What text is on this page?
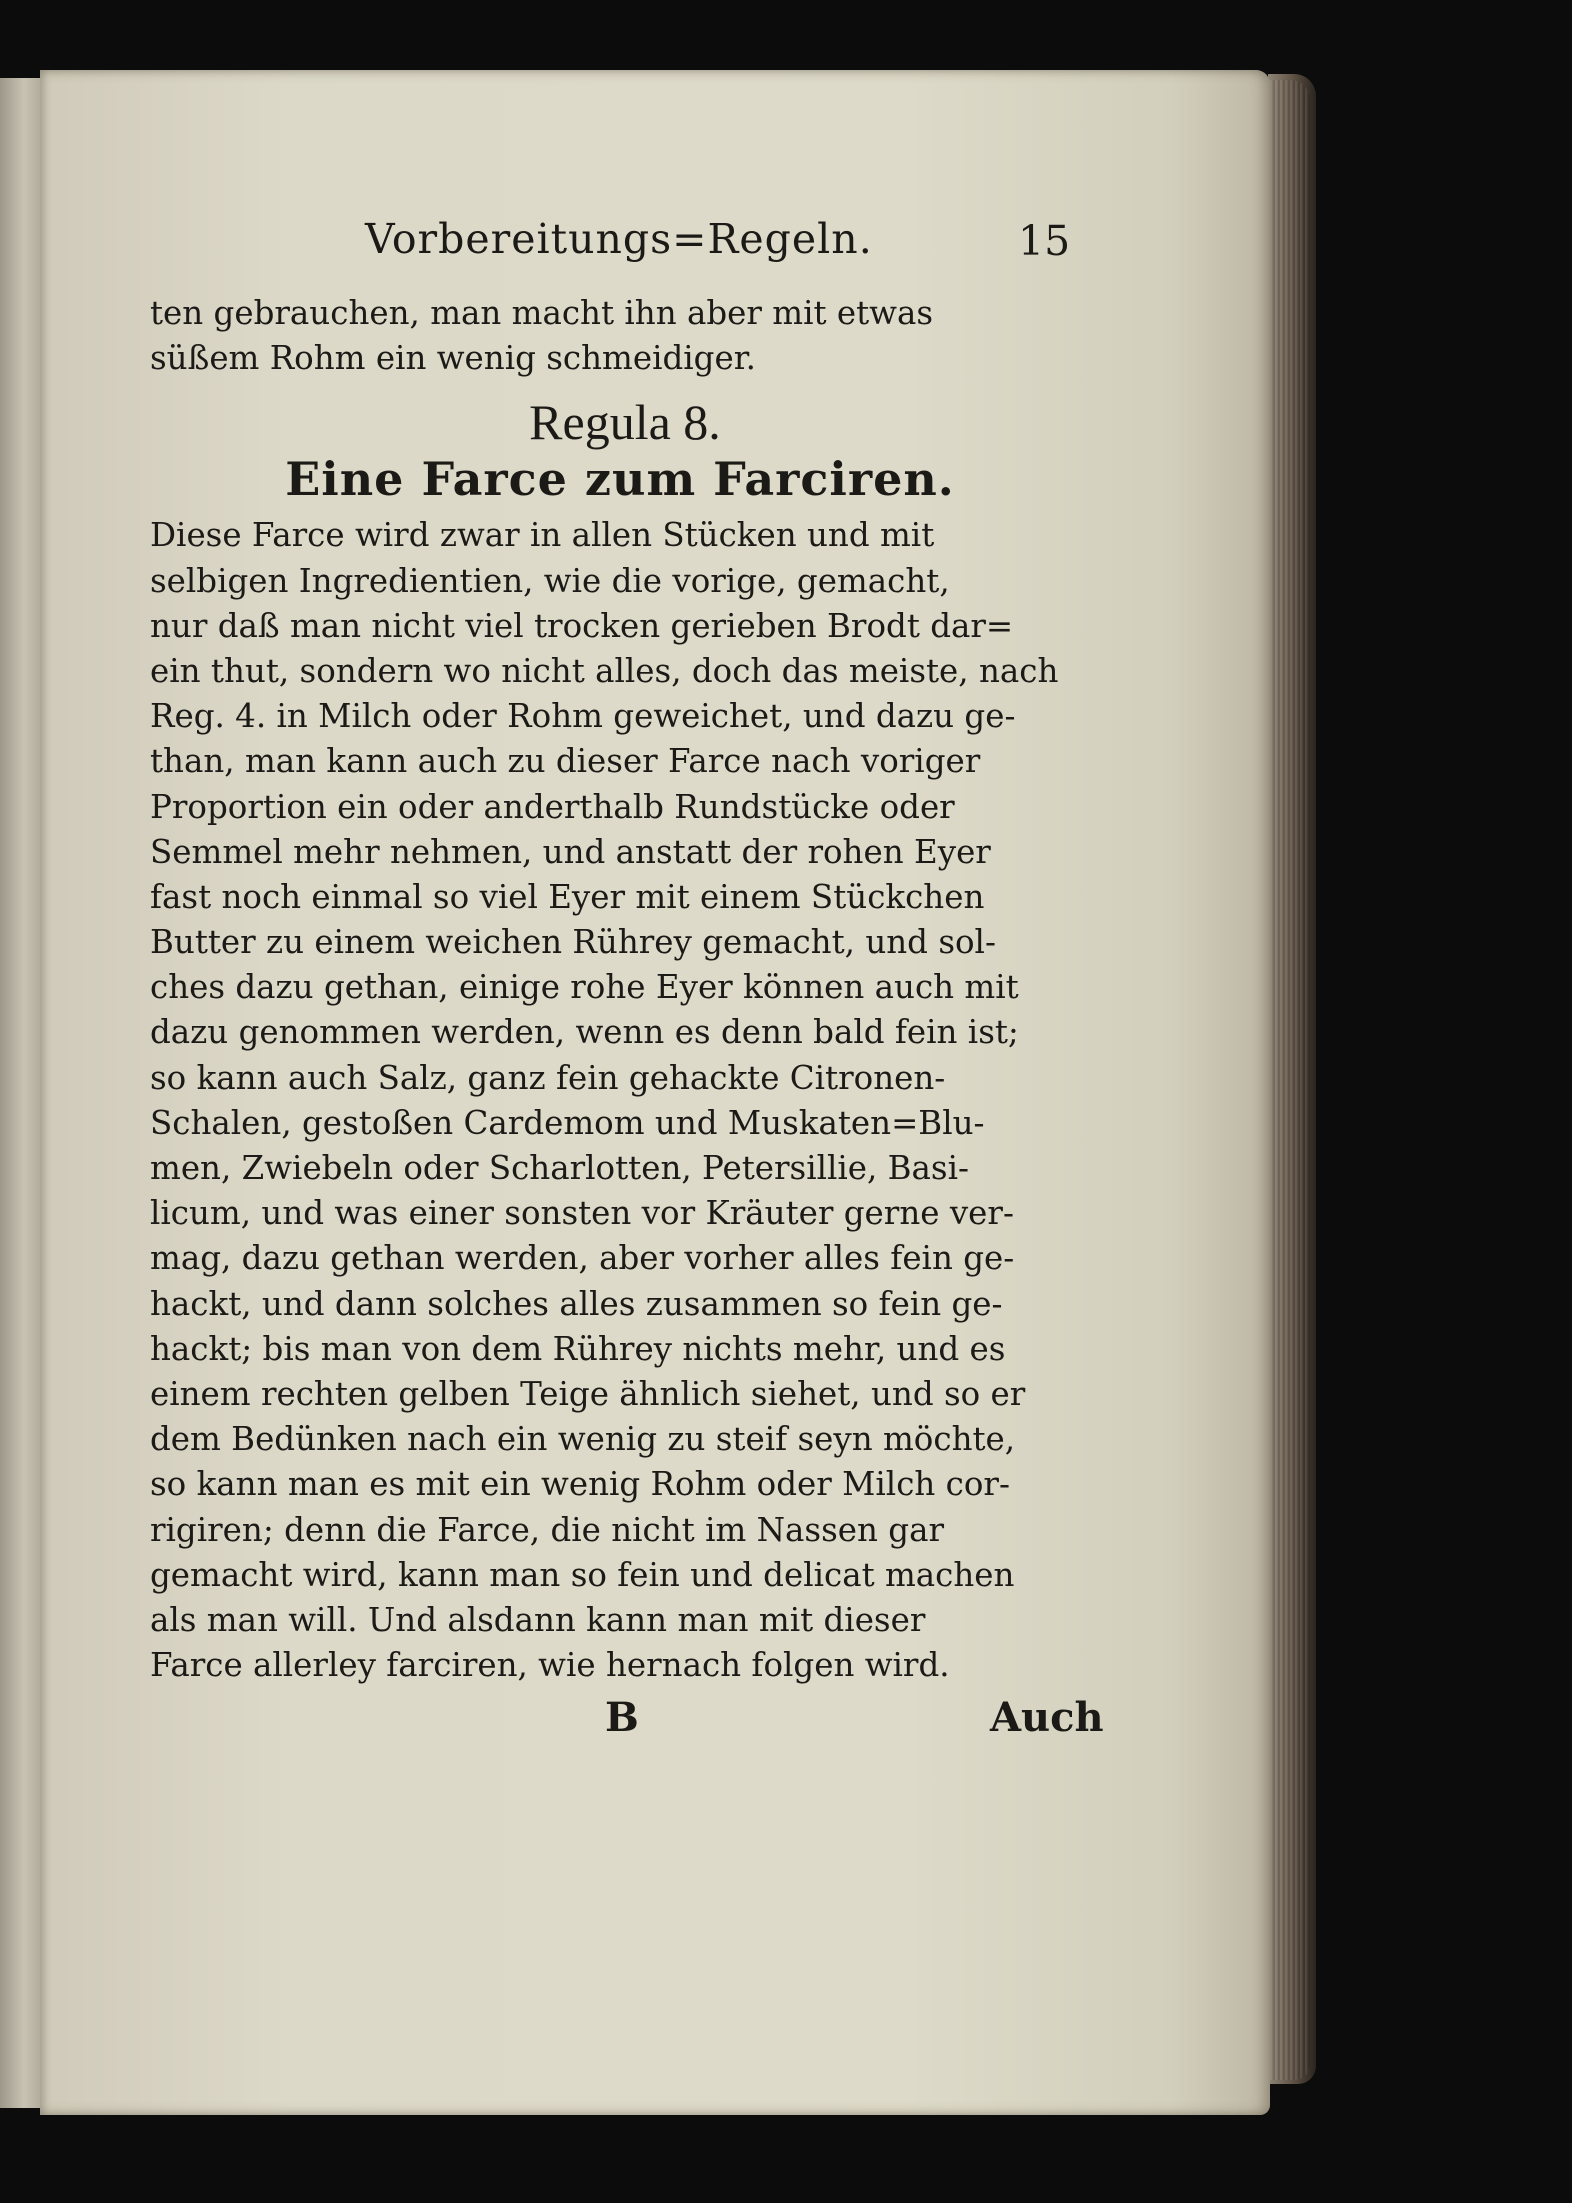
Vorbereitungs=Regeln.	15
ten gebrauchen, man macht ihn aber mit etwas
süßem Rohm ein wenig schmeidiger.
Regula 8.
Eine Farce zum Farciren.
Diese Farce wird zwar in allen Stücken und mit
selbigen Ingredientien, wie die vorige, gemacht,
nur daß man nicht viel trocken gerieben Brodt dar=
ein thut, sondern wo nicht alles, doch das meiste, nach
Reg. 4. in Milch oder Rohm geweichet, und dazu ge-
than, man kann auch zu dieser Farce nach voriger
Proportion ein oder anderthalb Rundstücke oder
Semmel mehr nehmen, und anstatt der rohen Eyer
fast noch einmal so viel Eyer mit einem Stückchen
Butter zu einem weichen Rührey gemacht, und sol-
ches dazu gethan, einige rohe Eyer können auch mit
dazu genommen werden, wenn es denn bald fein ist;
so kann auch Salz, ganz fein gehackte Citronen-
Schalen, gestoßen Cardemom und Muskaten=Blu-
men, Zwiebeln oder Scharlotten, Petersillie, Basi-
licum, und was einer sonsten vor Kräuter gerne ver-
mag, dazu gethan werden, aber vorher alles fein ge-
hackt, und dann solches alles zusammen so fein ge-
hackt; bis man von dem Rührey nichts mehr, und es
einem rechten gelben Teige ähnlich siehet, und so er
dem Bedünken nach ein wenig zu steif seyn möchte,
so kann man es mit ein wenig Rohm oder Milch cor-
rigiren; denn die Farce, die nicht im Nassen gar
gemacht wird, kann man so fein und delicat machen
als man will. Und alsdann kann man mit dieser
Farce allerley farciren, wie hernach folgen wird.
B	Auch
